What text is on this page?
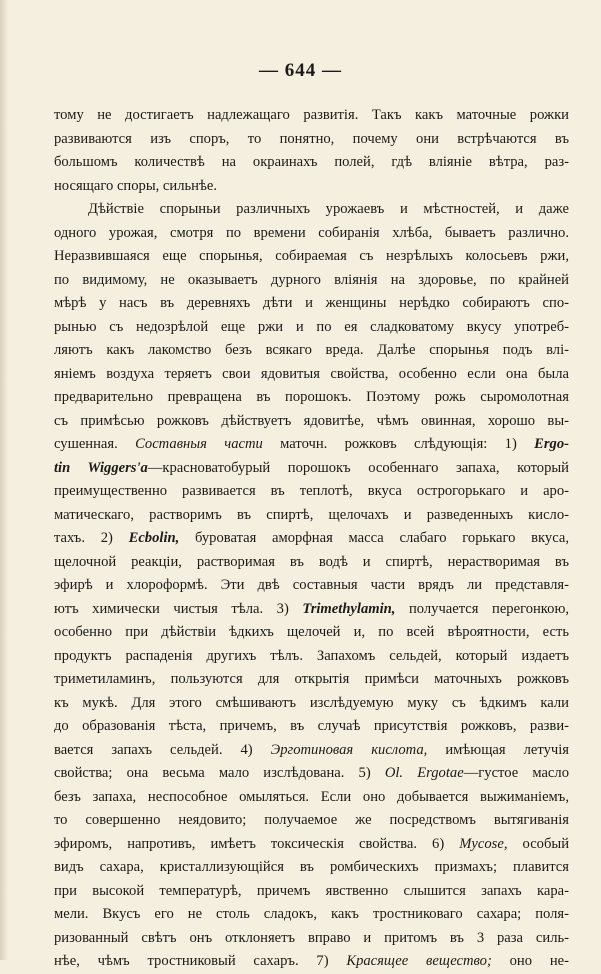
— 644 —
тому не достигаетъ надлежащаго развитія. Такъ какъ маточные рожки
развиваются изъ споръ, то понятно, почему они встрѣчаются въ
большомъ количествѣ на окраинахъ полей, гдѣ вліяніе вѣтра, раз-
носящаго споры, сильнѣе.
Дѣйствіе спорыньи различныхъ урожаевъ и мѣстностей, и даже
одного урожая, смотря по времени собиранія хлѣба, бываетъ различно.
Неразвившаяся еще спорынья, собираемая съ незрѣлыхъ колосьевъ ржи,
по видимому, не оказываетъ дурного вліянія на здоровье, по крайней
мѣрѣ у насъ въ деревняхъ дѣти и женщины нерѣдко собираютъ спо-
рынью съ недозрѣлой еще ржи и по ея сладковатому вкусу употреб-
ляютъ какъ лакомство безъ всякаго вреда. Далѣе спорынья подъ влі-
яніемъ воздуха теряетъ свои ядовитыя свойства, особенно если она была
предварительно превращена въ порошокъ. Поэтому рожь сыромолотная
съ примѣсью рожковъ дѣйствуетъ ядовитѣе, чѣмъ овинная, хорошо вы-
сушенная. Составныя части маточн. рожковъ слѣдующія: 1) Ergo-
tin Wiggers'a—красноватобурый порошокъ особеннаго запаха, который
преимущественно развивается въ теплотѣ, вкуса острогорькаго и аро-
матическаго, растворимъ въ спиртѣ, щелочахъ и разведенныхъ кисло-
тахъ. 2) Ecbolin, буроватая аморфная масса слабаго горькаго вкуса,
щелочной реакціи, растворимая въ водѣ и спиртѣ, нерастворимая въ
эфирѣ и хлороформѣ. Эти двѣ составныя части врядъ ли представля-
ютъ химически чистыя тѣла. 3) Trimethylamin, получается перегонкою,
особенно при дѣйствіи ѣдкихъ щелочей и, по всей вѣроятности, есть
продуктъ распаденія другихъ тѣлъ. Запахомъ сельдей, который издаетъ
триметиламинъ, пользуются для открытія примѣси маточныхъ рожковъ
къ мукѣ. Для этого смѣшиваютъ изслѣдуемую муку съ ѣдкимъ кали
до образованія тѣста, причемъ, въ случаѣ присутствія рожковъ, разви-
вается запахъ сельдей. 4) Эрготиновая кислота, имѣющая летучія
свойства; она весьма мало изслѣдована. 5) Ol. Ergotae—густое масло
безъ запаха, неспособное омыляться. Если оно добывается выжиманіемъ,
то совершенно неядовито; получаемое же посредствомъ вытягиванія
эфиромъ, напротивъ, имѣетъ токсическія свойства. 6) Mycose, особый
видъ сахара, кристаллизующійся въ ромбическихъ призмахъ; плавится
при высокой температурѣ, причемъ явственно слышится запахъ кара-
мели. Вкусъ его не столь сладокъ, какъ тростниковаго сахара; поля-
ризованный свѣтъ онъ отклоняетъ вправо и притомъ въ 3 раза силь-
нѣе, чѣмъ тростниковый сахаръ. 7) Красящее вещество; оно не-
